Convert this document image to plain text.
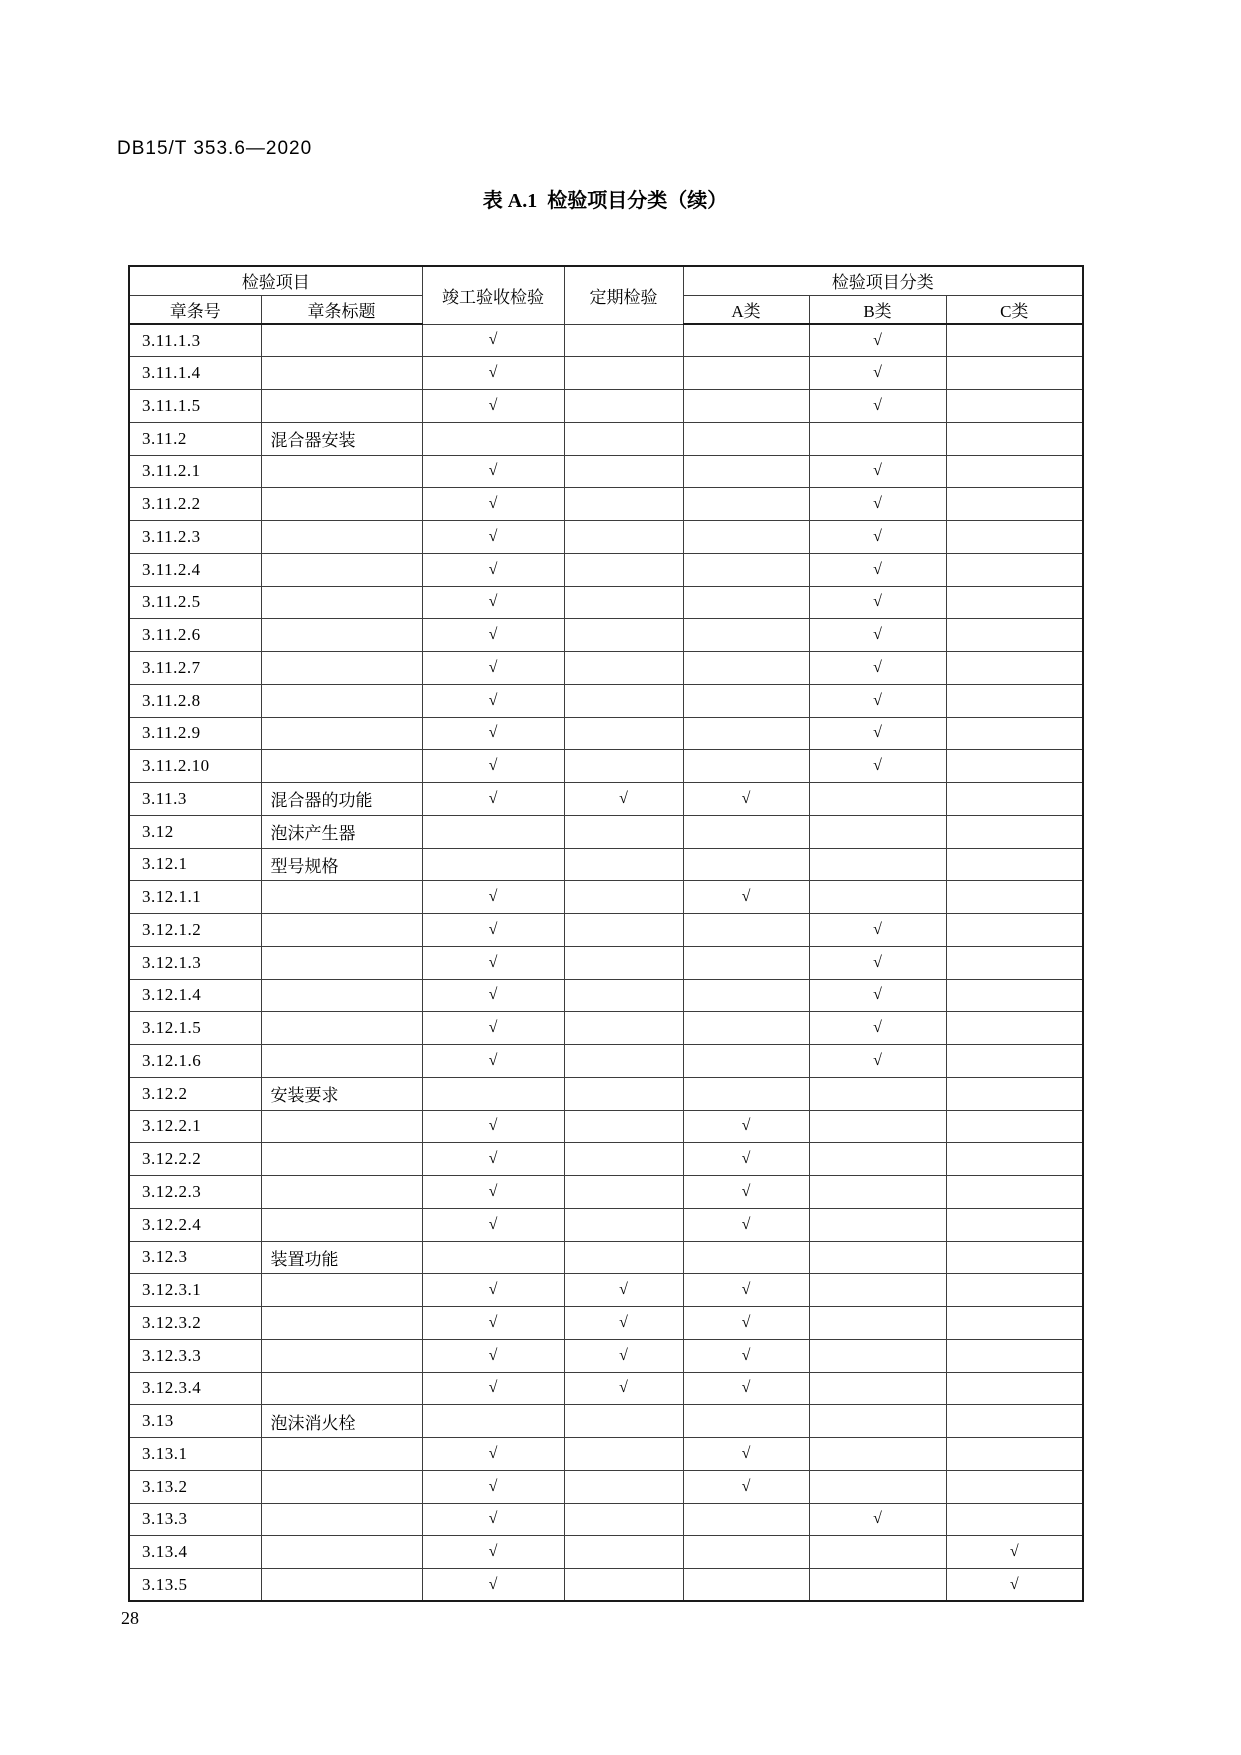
DB15/T 353.6—2020
表 A.1  检验项目分类（续）
检验项目		竣工验收检验	定期检验	检验项目分类		
章条号	章条标题			A类	B类	C类
3.11.1.3		√			√	
3.11.1.4		√			√	
3.11.1.5		√			√	
3.11.2	混合器安装					
3.11.2.1		√			√	
3.11.2.2		√			√	
3.11.2.3		√			√	
3.11.2.4		√			√	
3.11.2.5		√			√	
3.11.2.6		√			√	
3.11.2.7		√			√	
3.11.2.8		√			√	
3.11.2.9		√			√	
3.11.2.10		√			√	
3.11.3	混合器的功能	√	√	√		
3.12	泡沫产生器					
3.12.1	型号规格					
3.12.1.1		√		√		
3.12.1.2		√			√	
3.12.1.3		√			√	
3.12.1.4		√			√	
3.12.1.5		√			√	
3.12.1.6		√			√	
3.12.2	安装要求					
3.12.2.1		√		√		
3.12.2.2		√		√		
3.12.2.3		√		√		
3.12.2.4		√		√		
3.12.3	装置功能					
3.12.3.1		√	√	√		
3.12.3.2		√	√	√		
3.12.3.3		√	√	√		
3.12.3.4		√	√	√		
3.13	泡沫消火栓					
3.13.1		√		√		
3.13.2		√		√		
3.13.3		√			√	
3.13.4		√				√
3.13.5		√				√
28
